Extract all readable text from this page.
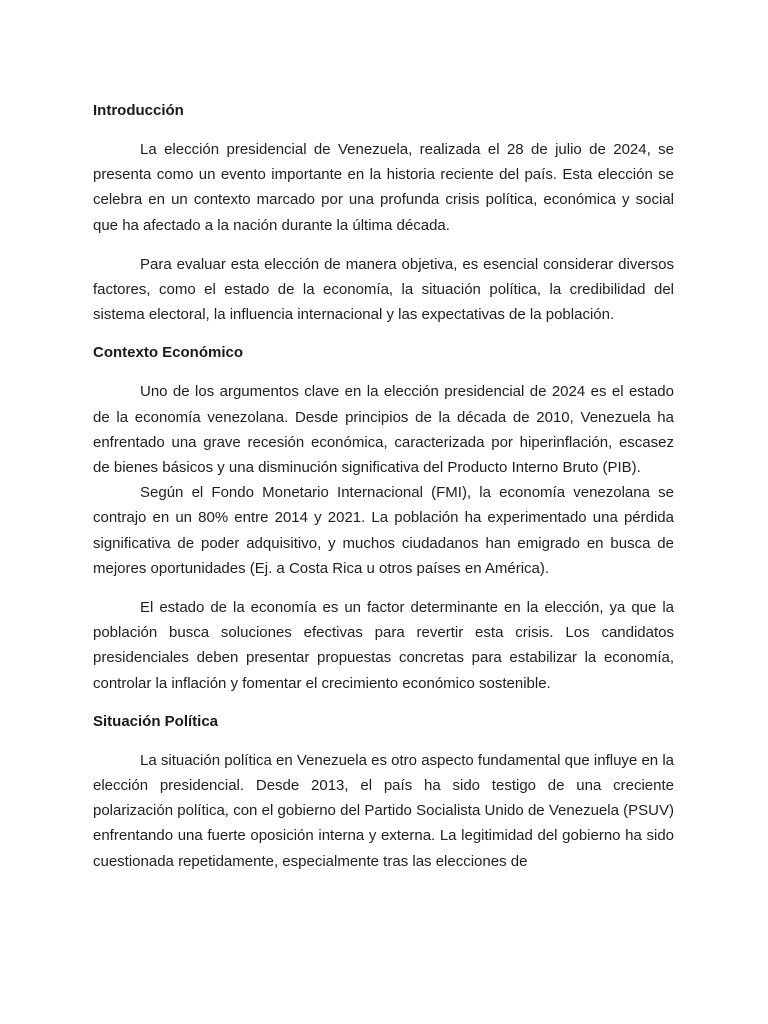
Introducción

La elección presidencial de Venezuela, realizada el 28 de julio de 2024, se presenta como un evento importante en la historia reciente del país. Esta elección se celebra en un contexto marcado por una profunda crisis política, económica y social que ha afectado a la nación durante la última década.

Para evaluar esta elección de manera objetiva, es esencial considerar diversos factores, como el estado de la economía, la situación política, la credibilidad del sistema electoral, la influencia internacional y las expectativas de la población.

Contexto Económico

Uno de los argumentos clave en la elección presidencial de 2024 es el estado de la economía venezolana. Desde principios de la década de 2010, Venezuela ha enfrentado una grave recesión económica, caracterizada por hiperinflación, escasez de bienes básicos y una disminución significativa del Producto Interno Bruto (PIB).

Según el Fondo Monetario Internacional (FMI), la economía venezolana se contrajo en un 80% entre 2014 y 2021. La población ha experimentado una pérdida significativa de poder adquisitivo, y muchos ciudadanos han emigrado en busca de mejores oportunidades (Ej. a Costa Rica u otros países en América).

El estado de la economía es un factor determinante en la elección, ya que la población busca soluciones efectivas para revertir esta crisis. Los candidatos presidenciales deben presentar propuestas concretas para estabilizar la economía, controlar la inflación y fomentar el crecimiento económico sostenible.

Situación Política

La situación política en Venezuela es otro aspecto fundamental que influye en la elección presidencial. Desde 2013, el país ha sido testigo de una creciente polarización política, con el gobierno del Partido Socialista Unido de Venezuela (PSUV) enfrentando una fuerte oposición interna y externa. La legitimidad del gobierno ha sido cuestionada repetidamente, especialmente tras las elecciones de
